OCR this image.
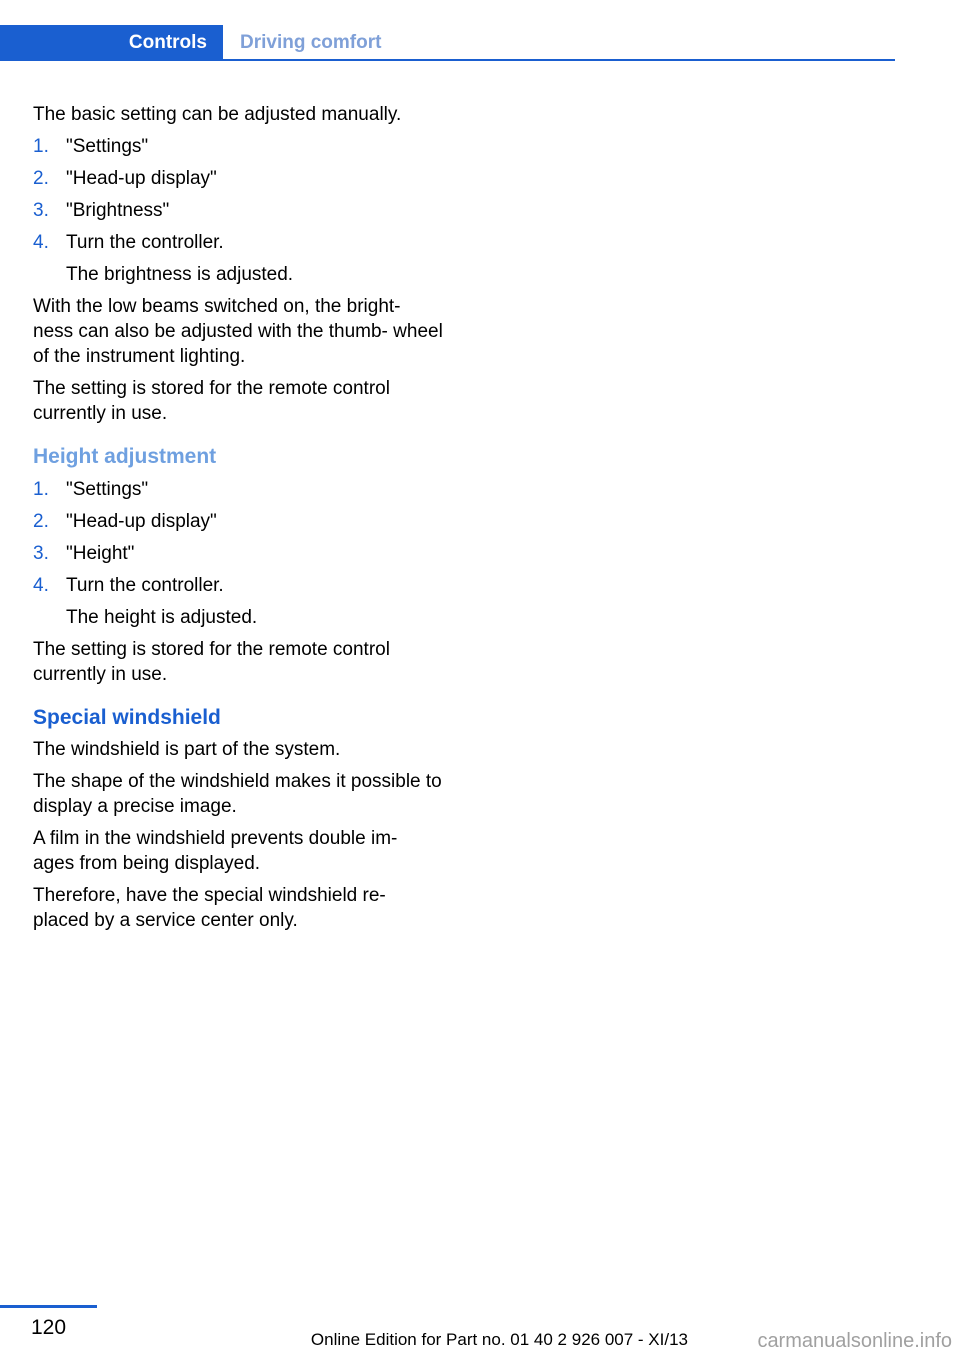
Controls	Driving comfort

The basic setting can be adjusted manually.

1. "Settings"
2. "Head-up display"
3. "Brightness"
4. Turn the controller.
The brightness is adjusted.

With the low beams switched on, the bright‐ ness can also be adjusted with the thumb‐ wheel of the instrument lighting.

The setting is stored for the remote control currently in use.

Height adjustment
1. "Settings"
2. "Head-up display"
3. "Height"
4. Turn the controller.
The height is adjusted.

The setting is stored for the remote control currently in use.

Special windshield

The windshield is part of the system.

The shape of the windshield makes it possible to display a precise image.

A film in the windshield prevents double im‐ ages from being displayed.

Therefore, have the special windshield re‐ placed by a service center only.

120
Online Edition for Part no. 01 40 2 926 007 - XI/13	carmanualsonline.info
